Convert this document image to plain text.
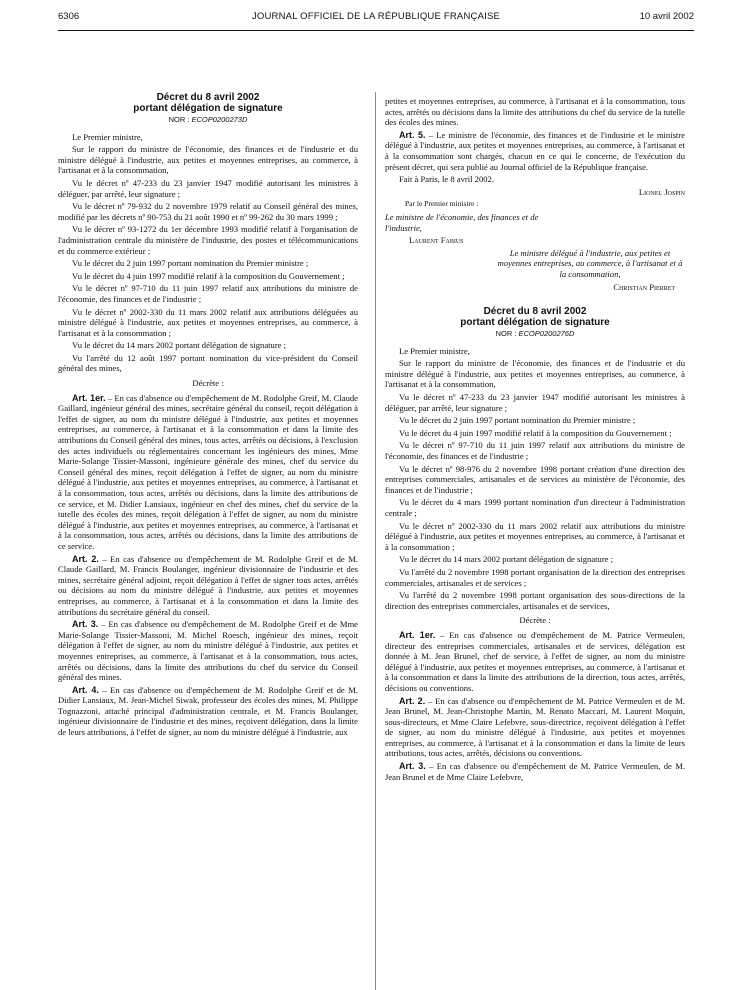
6306	JOURNAL OFFICIEL DE LA RÉPUBLIQUE FRANÇAISE	10 avril 2002
Décret du 8 avril 2002
portant délégation de signature
NOR : ECOP0200273D

Le Premier ministre,

Sur le rapport du ministre de l'économie, des finances et de l'industrie et du ministre délégué à l'industrie, aux petites et moyennes entreprises, au commerce, à l'artisanat et à la consommation,

Vu le décret nº 47-233 du 23 janvier 1947 modifié autorisant les ministres à déléguer, par arrêté, leur signature ;

Vu le décret nº 79-932 du 2 novembre 1979 relatif au Conseil général des mines, modifié par les décrets nº 90-753 du 21 août 1990 et nº 99-262 du 30 mars 1999 ;

Vu le décret nº 93-1272 du 1er décembre 1993 modifié relatif à l'organisation de l'administration centrale du ministère de l'industrie, des postes et télécommunications et du commerce extérieur ;

Vu le décret du 2 juin 1997 portant nomination du Premier ministre ;

Vu le décret du 4 juin 1997 modifié relatif à la composition du Gouvernement ;

Vu le décret nº 97-710 du 11 juin 1997 relatif aux attributions du ministre de l'économie, des finances et de l'industrie ;

Vu le décret nº 2002-330 du 11 mars 2002 relatif aux attributions déléguées au ministre délégué à l'industrie, aux petites et moyennes entreprises, au commerce, à l'artisanat et à la consommation ;

Vu le décret du 14 mars 2002 portant délégation de signature ;

Vu l'arrêté du 12 août 1997 portant nomination du vice-président du Conseil général des mines,

Décrète :

Art. 1er. – En cas d'absence ou d'empêchement de M. Rodolphe Greif, M. Claude Gaillard, ingénieur général des mines, secrétaire général du conseil, reçoit délégation à l'effet de signer, au nom du ministre délégué à l'industrie, aux petites et moyennes entreprises, au commerce, à l'artisanat et à la consommation et dans la limite des attributions du Conseil général des mines, tous actes, arrêtés ou décisions, à l'exclusion des actes individuels ou réglementaires concernant les ingénieurs des mines, Mme Marie-Solange Tissier-Massoni, ingénieure générale des mines, chef du service du Conseil général des mines, reçoit délégation à l'effet de signer, au nom du ministre délégué à l'industrie, aux petites et moyennes entreprises, au commerce, à l'artisanat et à la consommation, tous actes, arrêtés ou décisions, dans la limite des attributions de ce service, et M. Didier Lansiaux, ingénieur en chef des mines, chef du service de la tutelle des écoles des mines, reçoit délégation à l'effet de signer, au nom du ministre délégué à l'industrie, aux petites et moyennes entreprises, au commerce, à l'artisanat et à la consommation, tous actes, arrêtés ou décisions, dans la limite des attributions de ce service.

Art. 2. – En cas d'absence ou d'empêchement de M. Rodolphe Greif et de M. Claude Gaillard, M. Francis Boulanger, ingénieur divisionnaire de l'industrie et des mines, secrétaire général adjoint, reçoit délégation à l'effet de signer tous actes, arrêtés ou décisions au nom du ministre délégué à l'industrie, aux petites et moyennes entreprises, au commerce, à l'artisanat et à la consommation et dans la limite des attributions du secrétaire général du conseil.

Art. 3. – En cas d'absence ou d'empêchement de M. Rodolphe Greif et de Mme Marie-Solange Tissier-Massoni, M. Michel Roesch, ingénieur des mines, reçoit délégation à l'effet de signer, au nom du ministre délégué à l'industrie, aux petites et moyennes entreprises, au commerce, à l'artisanat et à la consommation, tous actes, arrêtés ou décisions, dans la limite des attributions du chef du service du Conseil général des mines.

Art. 4. – En cas d'absence ou d'empêchement de M. Rodolphe Greif et de M. Didier Lansiaux, M. Jean-Michel Siwak, professeur des écoles des mines, M. Philippe Tognazzoni, attaché principal d'administration centrale, et M. Francis Boulanger, ingénieur divisionnaire de l'industrie et des mines, reçoivent délégation, dans la limite de leurs attributions, à l'effet de signer, au nom du ministre délégué à l'industrie, aux

petites et moyennes entreprises, au commerce, à l'artisanat et à la consommation, tous actes, arrêtés ou décisions dans la limite des attributions du chef du service de la tutelle des écoles des mines.

Art. 5. – Le ministre de l'économie, des finances et de l'industrie et le ministre délégué à l'industrie, aux petites et moyennes entreprises, au commerce, à l'artisanat et à la consommation sont chargés, chacun en ce qui le concerne, de l'exécution du présent décret, qui sera publié au Journal officiel de la République française.

Fait à Paris, le 8 avril 2002.

Lionel Jospin

Par le Premier ministre :

Le ministre de l'économie, des finances et de l'industrie,

Laurent Fabius

Le ministre délégué à l'industrie, aux petites et moyennes entreprises, au commerce, à l'artisanat et à la consommation,

Christian Pierret

Décret du 8 avril 2002
portant délégation de signature
NOR : ECOP0200276D

Le Premier ministre,

Sur le rapport du ministre de l'économie, des finances et de l'industrie et du ministre délégué à l'industrie, aux petites et moyennes entreprises, au commerce, à l'artisanat et à la consommation,

Vu le décret nº 47-233 du 23 janvier 1947 modifié autorisant les ministres à déléguer, par arrêté, leur signature ;

Vu le décret du 2 juin 1997 portant nomination du Premier ministre ;

Vu le décret du 4 juin 1997 modifié relatif à la composition du Gouvernement ;

Vu le décret nº 97-710 du 11 juin 1997 relatif aux attributions du ministre de l'économie, des finances et de l'industrie ;

Vu le décret nº 98-976 du 2 novembre 1998 portant création d'une direction des entreprises commerciales, artisanales et de services au ministère de l'économie, des finances et de l'industrie ;

Vu le décret du 4 mars 1999 portant nomination d'un directeur à l'administration centrale ;

Vu le décret nº 2002-330 du 11 mars 2002 relatif aux attributions du ministre délégué à l'industrie, aux petites et moyennes entreprises, au commerce, à l'artisanat et à la consommation ;

Vu le décret du 14 mars 2002 portant délégation de signature ;

Vu l'arrêté du 2 novembre 1998 portant organisation de la direction des entreprises commerciales, artisanales et de services ;

Vu l'arrêté du 2 novembre 1998 portant organisation des sous-directions de la direction des entreprises commerciales, artisanales et de services,

Décrète :

Art. 1er. – En cas d'absence ou d'empêchement de M. Patrice Vermeulen, directeur des entreprises commerciales, artisanales et de services, délégation est donnée à M. Jean Brunel, chef de service, à l'effet de signer, au nom du ministre délégué à l'industrie, aux petites et moyennes entreprises, au commerce, à l'artisanat et à la consommation et dans la limite des attributions de la direction, tous actes, arrêtés, décisions ou conventions.

Art. 2. – En cas d'absence ou d'empêchement de M. Patrice Vermeulen et de M. Jean Brunel, M. Jean-Christophe Martin, M. Renato Maccari, M. Laurent Moquin, sous-directeurs, et Mme Claire Lefebvre, sous-directrice, reçoivent délégation à l'effet de signer, au nom du ministre délégué à l'industrie, aux petites et moyennes entreprises, au commerce, à l'artisanat et à la consommation et dans la limite de leurs attributions, tous actes, arrêtés, décisions ou conventions.

Art. 3. – En cas d'absence ou d'empêchement de M. Patrice Vermeulen, de M. Jean Brunel et de Mme Claire Lefebvre,
